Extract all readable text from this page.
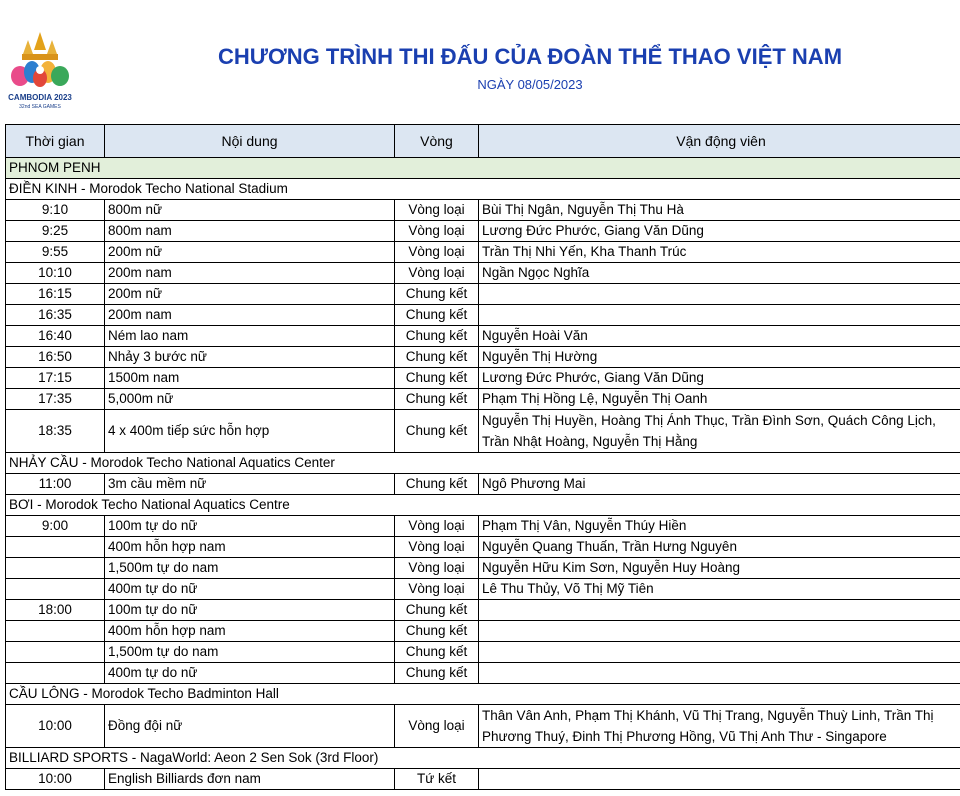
CAMBODIA 2023
32nd SEA GAMES
CHƯƠNG TRÌNH THI ĐẤU CỦA ĐOÀN THỂ THAO VIỆT NAM
NGÀY 08/05/2023
Thời gian	Nội dung	Vòng	Vận động viên
PHNOM PENH			
ĐIỀN KINH - Morodok Techo National Stadium			
9:10	800m nữ	Vòng loại	Bùi Thị Ngân, Nguyễn Thị Thu Hà
9:25	800m nam	Vòng loại	Lương Đức Phước, Giang Văn Dũng
9:55	200m nữ	Vòng loại	Trần Thị Nhi Yến, Kha Thanh Trúc
10:10	200m nam	Vòng loại	Ngần Ngọc Nghĩa
16:15	200m nữ	Chung kết	
16:35	200m nam	Chung kết	
16:40	Ném lao nam	Chung kết	Nguyễn Hoài Văn
16:50	Nhảy 3 bước nữ	Chung kết	Nguyễn Thị Hường
17:15	1500m nam	Chung kết	Lương Đức Phước, Giang Văn Dũng
17:35	5,000m nữ	Chung kết	Phạm Thị Hồng Lệ, Nguyễn Thị Oanh
18:35	4 x 400m tiếp sức hỗn hợp	Chung kết	Nguyễn Thị Huyền, Hoàng Thị Ánh Thục, Trần Đình Sơn, Quách Công Lịch, Trần Nhật Hoàng, Nguyễn Thị Hằng
NHẢY CẦU - Morodok Techo National Aquatics Center			
11:00	3m cầu mềm nữ	Chung kết	Ngô Phương Mai
BƠI - Morodok Techo National Aquatics Centre			
9:00	100m tự do nữ	Vòng loại	Phạm Thị Vân, Nguyễn Thúy Hiền
	400m hỗn hợp nam	Vòng loại	Nguyễn Quang Thuấn, Trần Hưng Nguyên
	1,500m tự do nam	Vòng loại	Nguyễn Hữu Kim Sơn, Nguyễn Huy Hoàng
	400m tự do nữ	Vòng loại	Lê Thu Thủy, Võ Thị Mỹ Tiên
18:00	100m tự do nữ	Chung kết	
	400m hỗn hợp nam	Chung kết	
	1,500m tự do nam	Chung kết	
	400m tự do nữ	Chung kết	
CẦU LÔNG - Morodok Techo Badminton Hall			
10:00	Đồng đội nữ	Vòng loại	Thân Vân Anh, Phạm Thị Khánh, Vũ Thị Trang, Nguyễn Thuỳ Linh, Trần Thị Phương Thuý, Đinh Thị Phương Hồng, Vũ Thị Anh Thư - Singapore
BILLIARD SPORTS - NagaWorld: Aeon 2 Sen Sok (3rd Floor)			
10:00	English Billiards đơn nam	Tứ kết	
